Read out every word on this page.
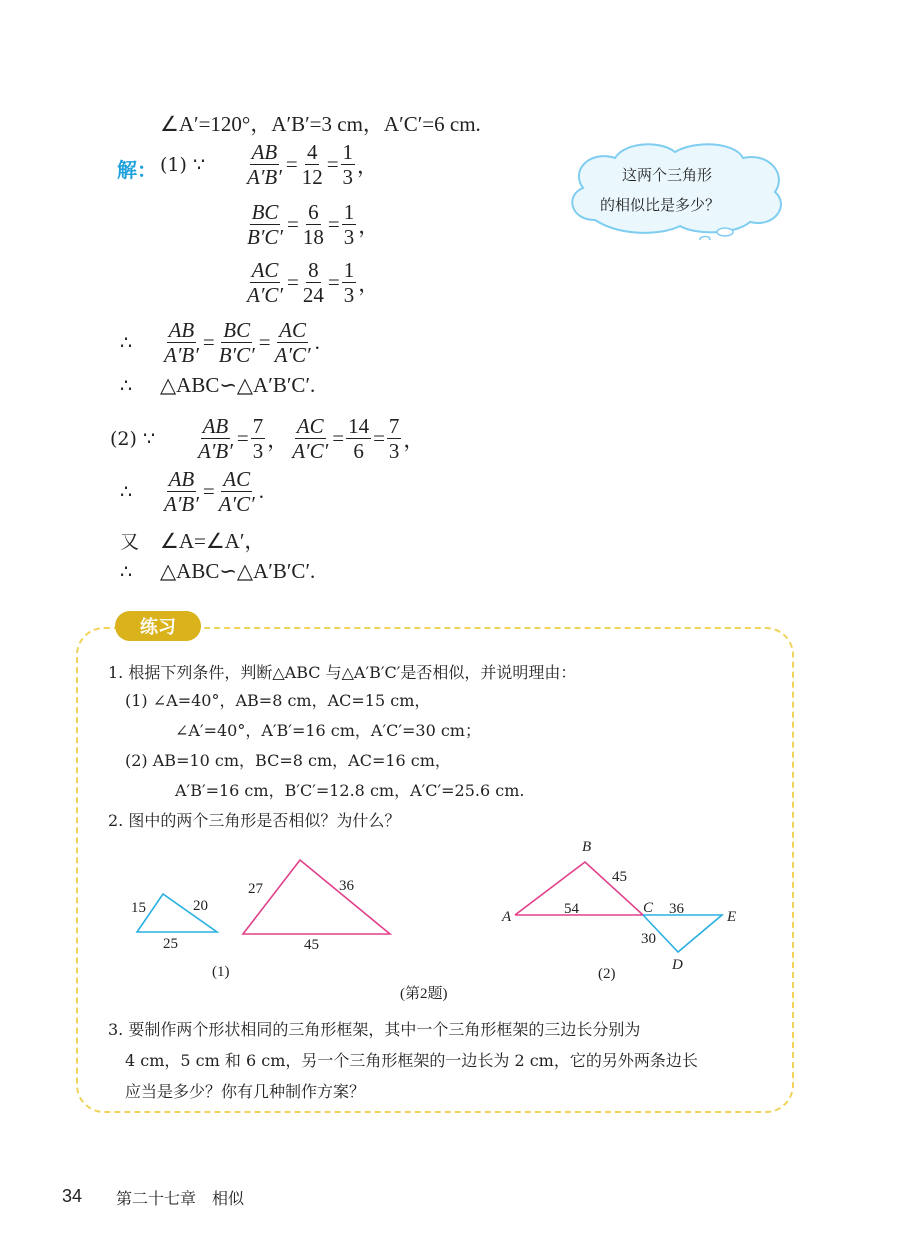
∠A′=120°，A′B′=3 cm，A′C′=6 cm.
解： (1) ∵	$\frac{AB}{A'B'} = \frac{4}{12} = \frac{1}{3}$ ，
$\frac{BC}{B'C'} = \frac{6}{18} = \frac{1}{3}$ ，
$\frac{AC}{A'C'} = \frac{8}{24} = \frac{1}{3}$ ，
∴	$\frac{AB}{A'B'} = \frac{BC}{B'C'} = \frac{AC}{A'C'}$ .
∴	△ABC∽△A′B′C′.
(2) ∵	$\frac{AB}{A'B'} = \frac{7}{3}$ ， $\frac{AC}{A'C'} = \frac{14}{6} = \frac{7}{3}$ ，
∴	$\frac{AB}{A'B'} = \frac{AC}{A'C'}$ .
又 ∠A=∠A′，
∴	△ABC∽△A′B′C′.
这两个三角形
的相似比是多少？
练习
1. 根据下列条件，判断△ABC 与△A′B′C′是否相似，并说明理由：
(1) ∠A=40°，AB=8 cm，AC=15 cm，
∠A′=40°，A′B′=16 cm，A′C′=30 cm；
(2) AB=10 cm，BC=8 cm，AC=16 cm，
A′B′=16 cm，B′C′=12.8 cm，A′C′=25.6 cm.
2. 图中的两个三角形是否相似？为什么？
3. 要制作两个形状相同的三角形框架，其中一个三角形框架的三边长分别为
4 cm，5 cm 和 6 cm，另一个三角形框架的一边长为 2 cm，它的另外两条边长
应当是多少？你有几种制作方案？
15	20
25
27	36
45
(1)
A
B
C
D
E
45
54	36
30
(2)
(第2题)
34 第二十七章　相似
